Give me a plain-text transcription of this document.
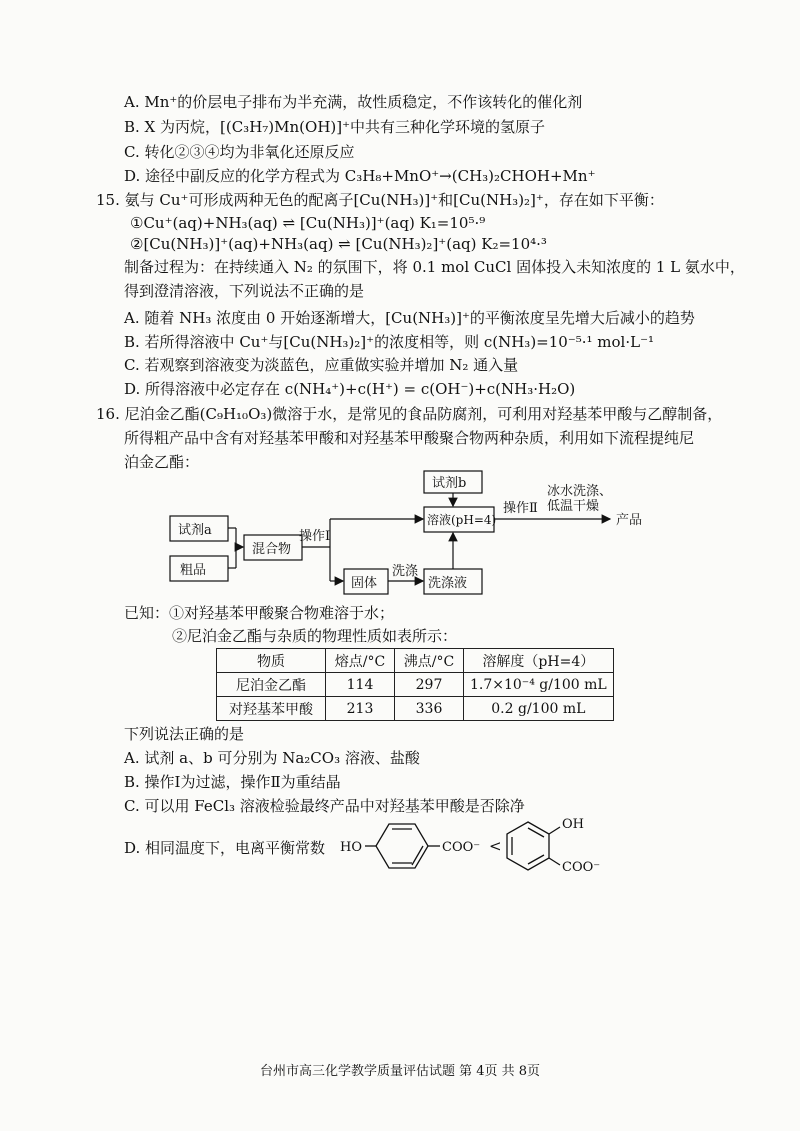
A. Mn⁺的价层电子排布为半充满，故性质稳定，不作该转化的催化剂
B. X 为丙烷，[(C₃H₇)Mn(OH)]⁺中共有三种化学环境的氢原子
C. 转化②③④均为非氧化还原反应
D. 途径中副反应的化学方程式为 C₃H₈+MnO⁺→(CH₃)₂CHOH+Mn⁺
15. 氨与 Cu⁺可形成两种无色的配离子[Cu(NH₃)]⁺和[Cu(NH₃)₂]⁺，存在如下平衡：
①Cu⁺(aq)+NH₃(aq) ⇌ [Cu(NH₃)]⁺(aq) K₁=10⁵·⁹
②[Cu(NH₃)]⁺(aq)+NH₃(aq) ⇌ [Cu(NH₃)₂]⁺(aq) K₂=10⁴·³
制备过程为：在持续通入 N₂ 的氛围下，将 0.1 mol CuCl 固体投入未知浓度的 1 L 氨水中，
得到澄清溶液，下列说法不正确的是
A. 随着 NH₃ 浓度由 0 开始逐渐增大，[Cu(NH₃)]⁺的平衡浓度呈先增大后减小的趋势
B. 若所得溶液中 Cu⁺与[Cu(NH₃)₂]⁺的浓度相等，则 c(NH₃)=10⁻⁵·¹ mol·L⁻¹
C. 若观察到溶液变为淡蓝色，应重做实验并增加 N₂ 通入量
D. 所得溶液中必定存在 c(NH₄⁺)+c(H⁺) = c(OH⁻)+c(NH₃·H₂O)
16. 尼泊金乙酯(C₉H₁₀O₃)微溶于水，是常见的食品防腐剂，可利用对羟基苯甲酸与乙醇制备，
所得粗产品中含有对羟基苯甲酸和对羟基苯甲酸聚合物两种杂质，利用如下流程提纯尼
泊金乙酯：
试剂a
粗品
混合物
操作Ⅰ
试剂b
溶液(pH=4)
操作Ⅱ
冰水洗涤、
低温干燥
产品
固体
洗涤
洗涤液
已知：①对羟基苯甲酸聚合物难溶于水；
②尼泊金乙酯与杂质的物理性质如表所示：
物质	熔点/°C	沸点/°C	溶解度（pH=4）
尼泊金乙酯	114	297	1.7×10⁻⁴ g/100 mL
对羟基苯甲酸	213	336	0.2 g/100 mL
下列说法正确的是
A. 试剂 a、b 可分别为 Na₂CO₃ 溶液、盐酸
B. 操作Ⅰ为过滤，操作Ⅱ为重结晶
C. 可以用 FeCl₃ 溶液检验最终产品中对羟基苯甲酸是否除净
D. 相同温度下，电离平衡常数 HO	COO⁻ <
OH
COO⁻
台州市高三化学教学质量评估试题 第 4页 共 8页
